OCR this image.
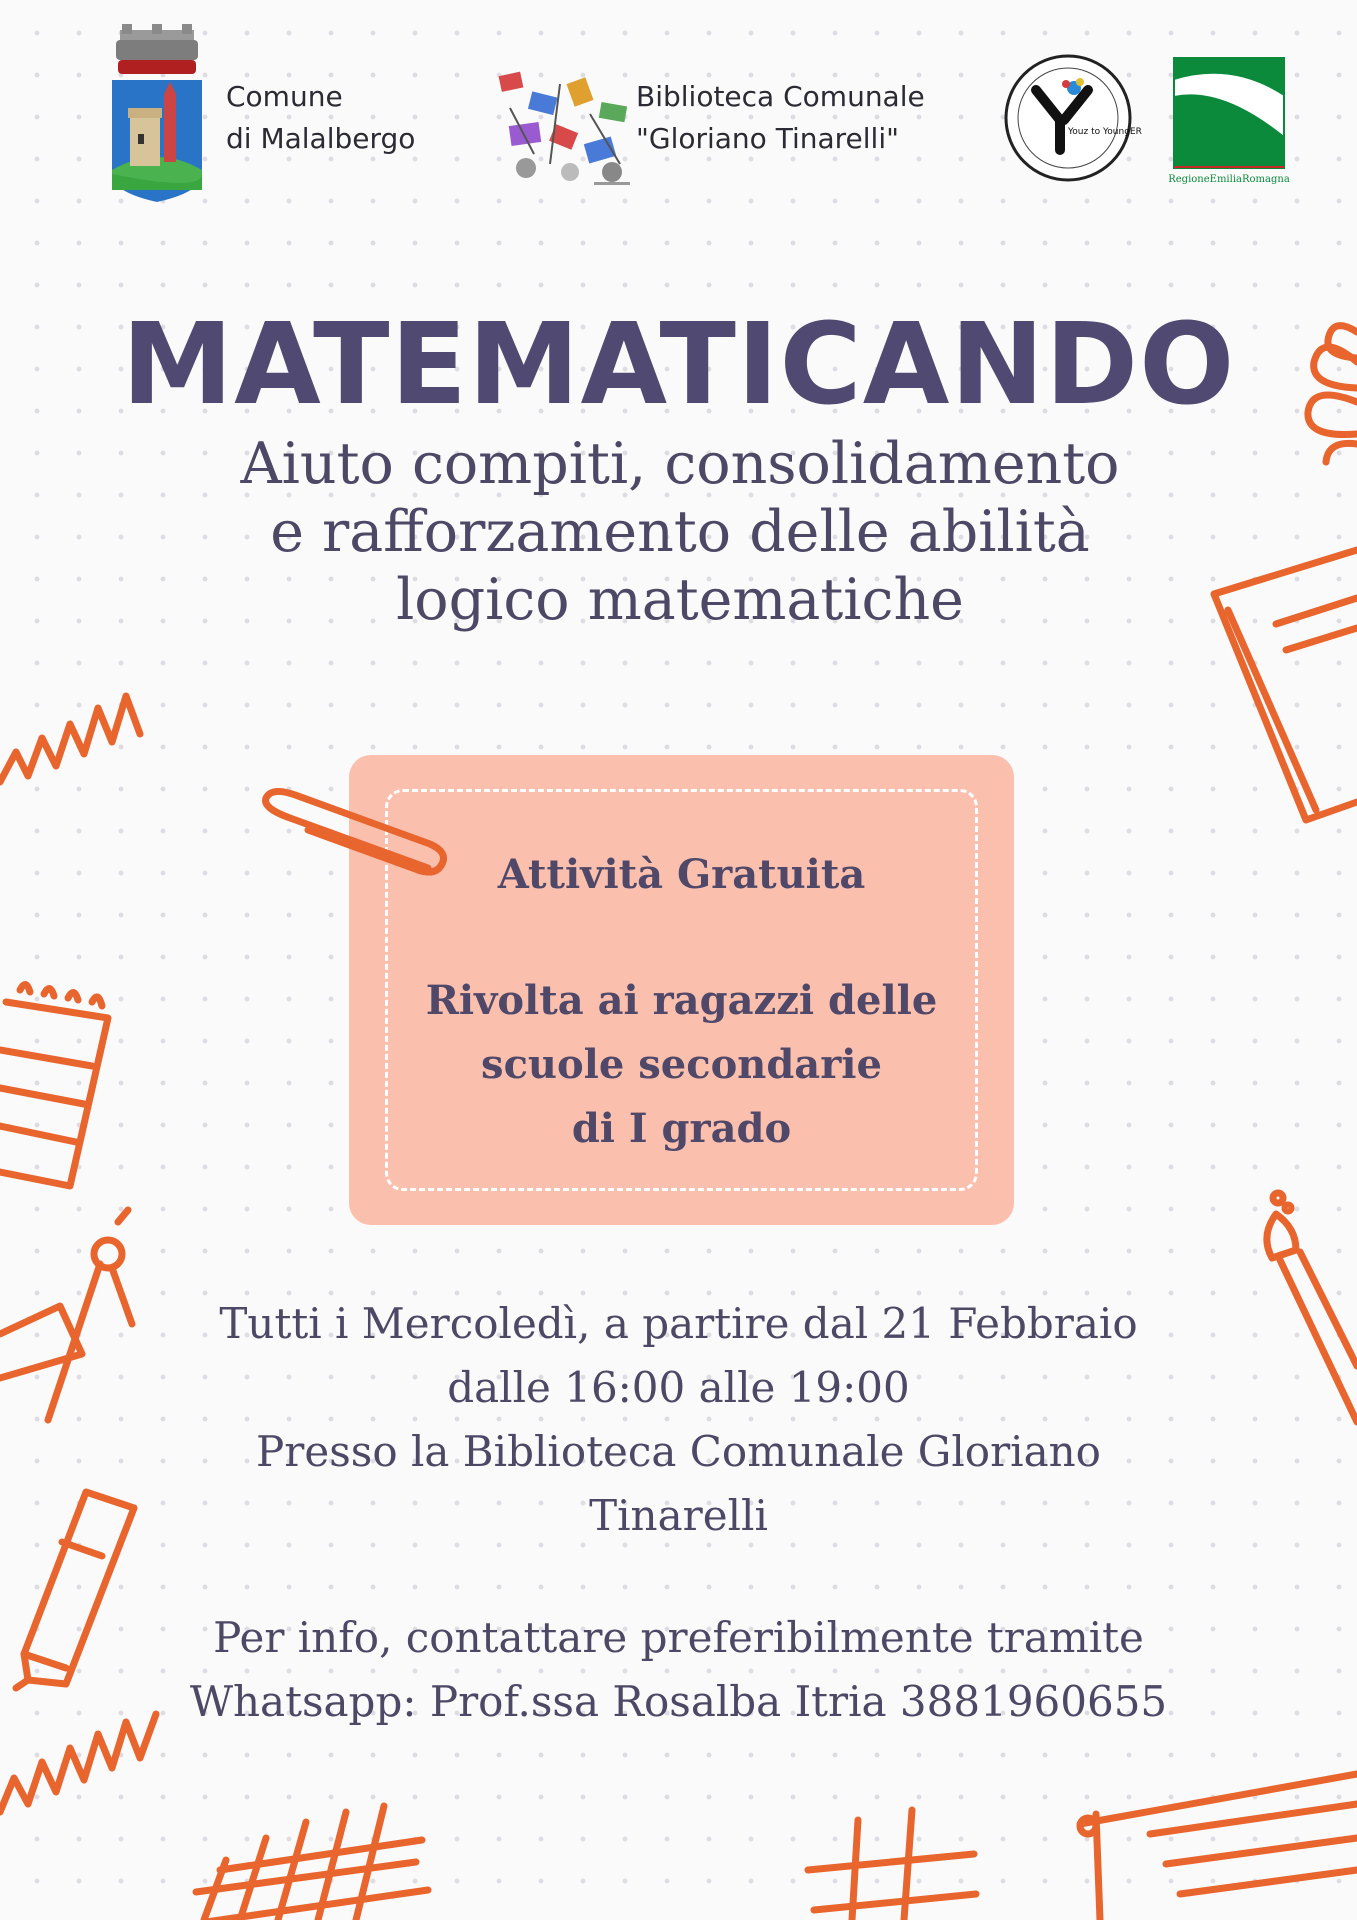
Comune
di Malalbergo
Biblioteca Comunale
"Gloriano Tinarelli"	Youz to YoungER
RegioneEmiliaRomagna
MATEMATICANDO
Aiuto compiti, consolidamento
e rafforzamento delle abilità
logico matematiche
Attività Gratuita
Rivolta ai ragazzi delle
scuole secondarie
di I grado
Tutti i Mercoledì, a partire dal 21 Febbraio
dalle 16:00 alle 19:00
Presso la Biblioteca Comunale Gloriano
Tinarelli
Per info, contattare preferibilmente tramite
Whatsapp: Prof.ssa Rosalba Itria 3881960655
